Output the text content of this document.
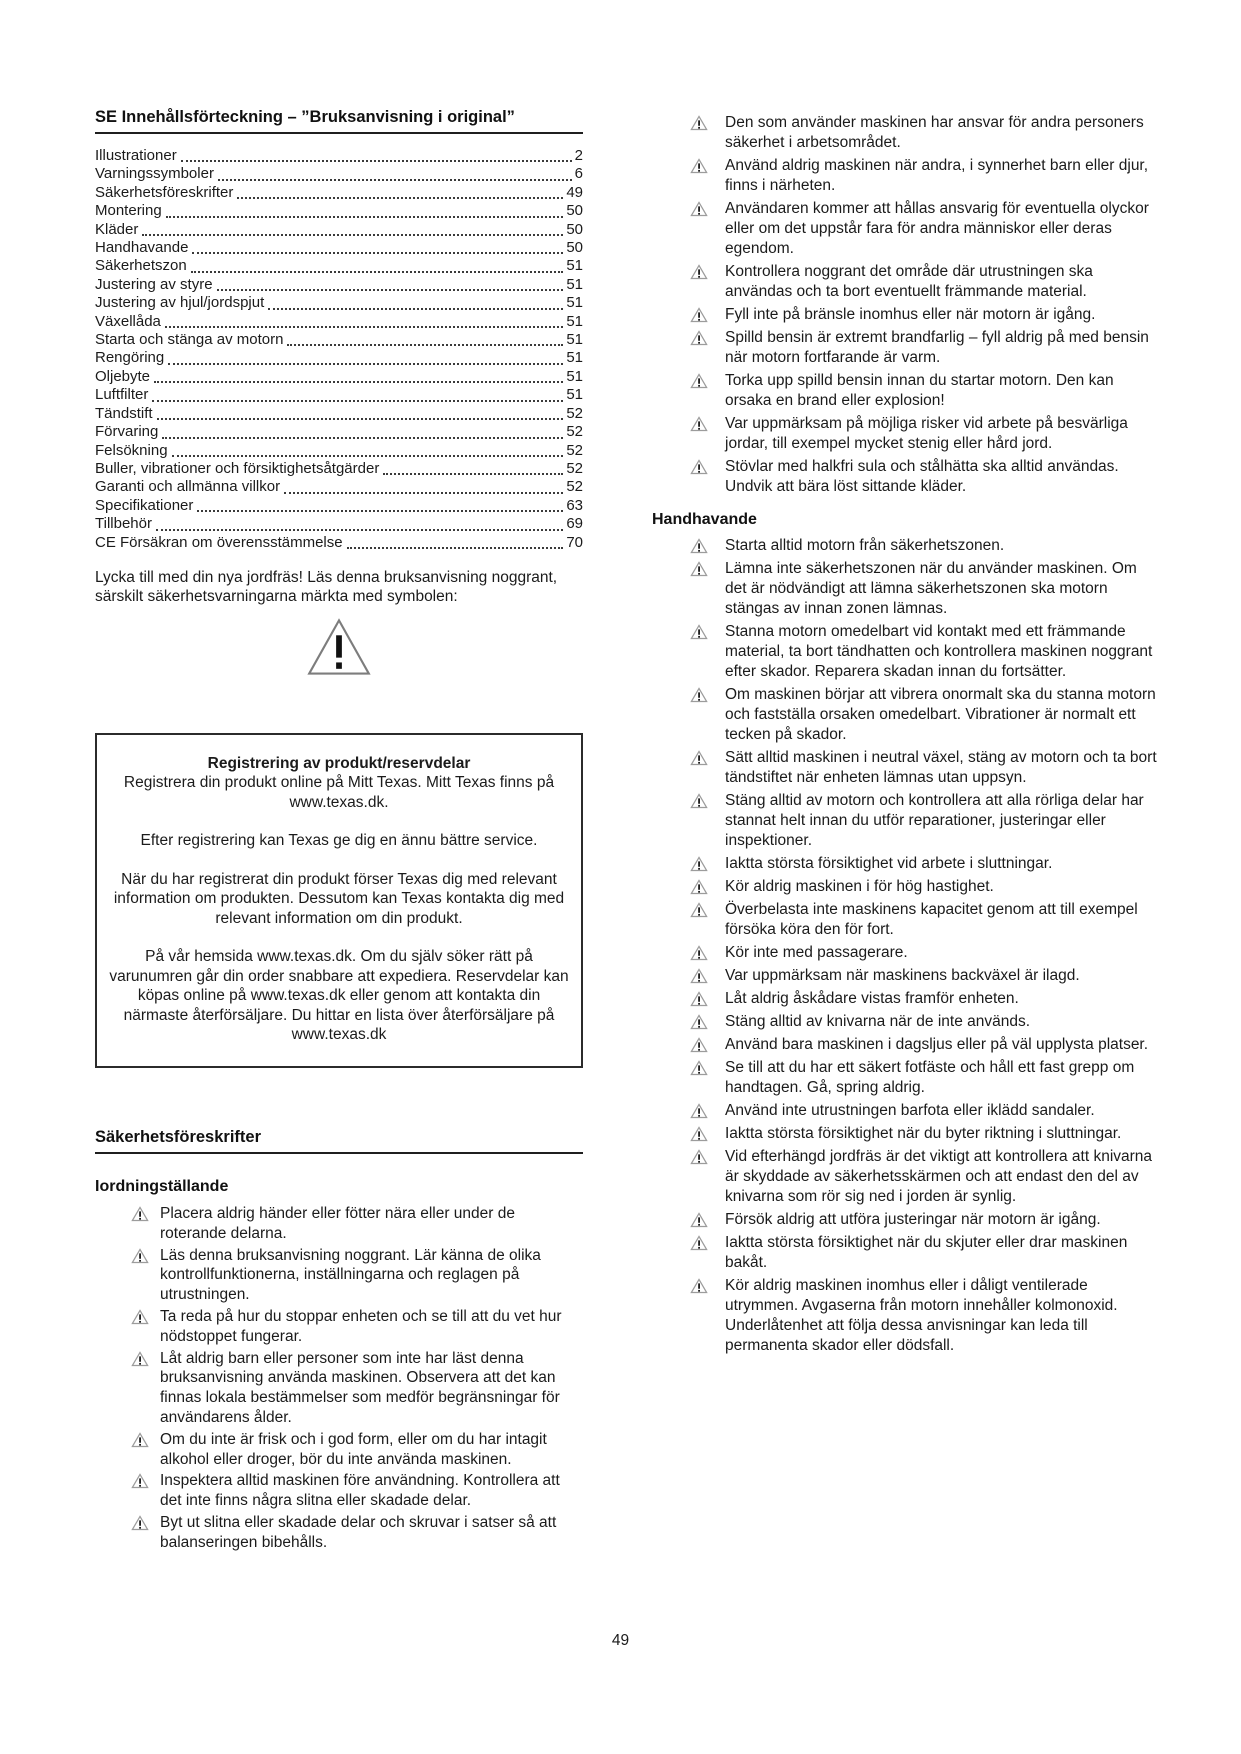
SE Innehållsförteckning – ”Bruksanvisning i original”
Illustrationer	2
Varningssymboler	6
Säkerhetsföreskrifter	49
Montering	50
Kläder	50
Handhavande	50
Säkerhetszon	51
Justering av styre	51
Justering av hjul/jordspjut	51
Växellåda	51
Starta och stänga av motorn	51
Rengöring	51
Oljebyte	51
Luftfilter	51
Tändstift	52
Förvaring	52
Felsökning	52
Buller, vibrationer och försiktighetsåtgärder	52
Garanti och allmänna villkor	52
Specifikationer	63
Tillbehör	69
CE Försäkran om överensstämmelse	70

Lycka till med din nya jordfräs! Läs denna bruksanvisning noggrant, särskilt säkerhetsvarningarna märkta med symbolen:

Registrering av produkt/reservdelar

Registrera din produkt online på Mitt Texas. Mitt Texas finns på www.texas.dk.

Efter registrering kan Texas ge dig en ännu bättre service.

När du har registrerat din produkt förser Texas dig med relevant information om produkten. Dessutom kan Texas kontakta dig med relevant information om din produkt.

På vår hemsida www.texas.dk. Om du själv söker rätt på varunumren går din order snabbare att expediera. Reservdelar kan köpas online på www.texas.dk eller genom att kontakta din närmaste återförsäljare. Du hittar en lista över återförsäljare på www.texas.dk

Säkerhetsföreskrifter
Iordningställande
Placera aldrig händer eller fötter nära eller under de roterande delarna.
Läs denna bruksanvisning noggrant. Lär känna de olika kontrollfunktionerna, inställningarna och reglagen på utrustningen.
Ta reda på hur du stoppar enheten och se till att du vet hur nödstoppet fungerar.
Låt aldrig barn eller personer som inte har läst denna bruksanvisning använda maskinen. Observera att det kan finnas lokala bestämmelser som medför begränsningar för användarens ålder.
Om du inte är frisk och i god form, eller om du har intagit alkohol eller droger, bör du inte använda maskinen.
Inspektera alltid maskinen före användning. Kontrollera att det inte finns några slitna eller skadade delar.
Byt ut slitna eller skadade delar och skruvar i satser så att balanseringen bibehålls.
Den som använder maskinen har ansvar för andra personers säkerhet i arbetsområdet.
Använd aldrig maskinen när andra, i synnerhet barn eller djur, finns i närheten.
Användaren kommer att hållas ansvarig för eventuella olyckor eller om det uppstår fara för andra människor eller deras egendom.
Kontrollera noggrant det område där utrustningen ska användas och ta bort eventuellt främmande material.
Fyll inte på bränsle inomhus eller när motorn är igång.
Spilld bensin är extremt brandfarlig – fyll aldrig på med bensin när motorn fortfarande är varm.
Torka upp spilld bensin innan du startar motorn. Den kan orsaka en brand eller explosion!
Var uppmärksam på möjliga risker vid arbete på besvärliga jordar, till exempel mycket stenig eller hård jord.
Stövlar med halkfri sula och stålhätta ska alltid användas. Undvik att bära löst sittande kläder.
Handhavande
Starta alltid motorn från säkerhetszonen.
Lämna inte säkerhetszonen när du använder maskinen. Om det är nödvändigt att lämna säkerhetszonen ska motorn stängas av innan zonen lämnas.
Stanna motorn omedelbart vid kontakt med ett främmande material, ta bort tändhatten och kontrollera maskinen noggrant efter skador. Reparera skadan innan du fortsätter.
Om maskinen börjar att vibrera onormalt ska du stanna motorn och fastställa orsaken omedelbart. Vibrationer är normalt ett tecken på skador.
Sätt alltid maskinen i neutral växel, stäng av motorn och ta bort tändstiftet när enheten lämnas utan uppsyn.
Stäng alltid av motorn och kontrollera att alla rörliga delar har stannat helt innan du utför reparationer, justeringar eller inspektioner.
Iaktta största försiktighet vid arbete i sluttningar.
Kör aldrig maskinen i för hög hastighet.
Överbelasta inte maskinens kapacitet genom att till exempel försöka köra den för fort.
Kör inte med passagerare.
Var uppmärksam när maskinens backväxel är ilagd.
Låt aldrig åskådare vistas framför enheten.
Stäng alltid av knivarna när de inte används.
Använd bara maskinen i dagsljus eller på väl upplysta platser.
Se till att du har ett säkert fotfäste och håll ett fast grepp om handtagen. Gå, spring aldrig.
Använd inte utrustningen barfota eller iklädd sandaler.
Iaktta största försiktighet när du byter riktning i sluttningar.
Vid efterhängd jordfräs är det viktigt att kontrollera att knivarna är skyddade av säkerhetsskärmen och att endast den del av knivarna som rör sig ned i jorden är synlig.
Försök aldrig att utföra justeringar när motorn är igång.
Iaktta största försiktighet när du skjuter eller drar maskinen bakåt.
Kör aldrig maskinen inomhus eller i dåligt ventilerade utrymmen. Avgaserna från motorn innehåller kolmonoxid. Underlåtenhet att följa dessa anvisningar kan leda till permanenta skador eller dödsfall.
49
